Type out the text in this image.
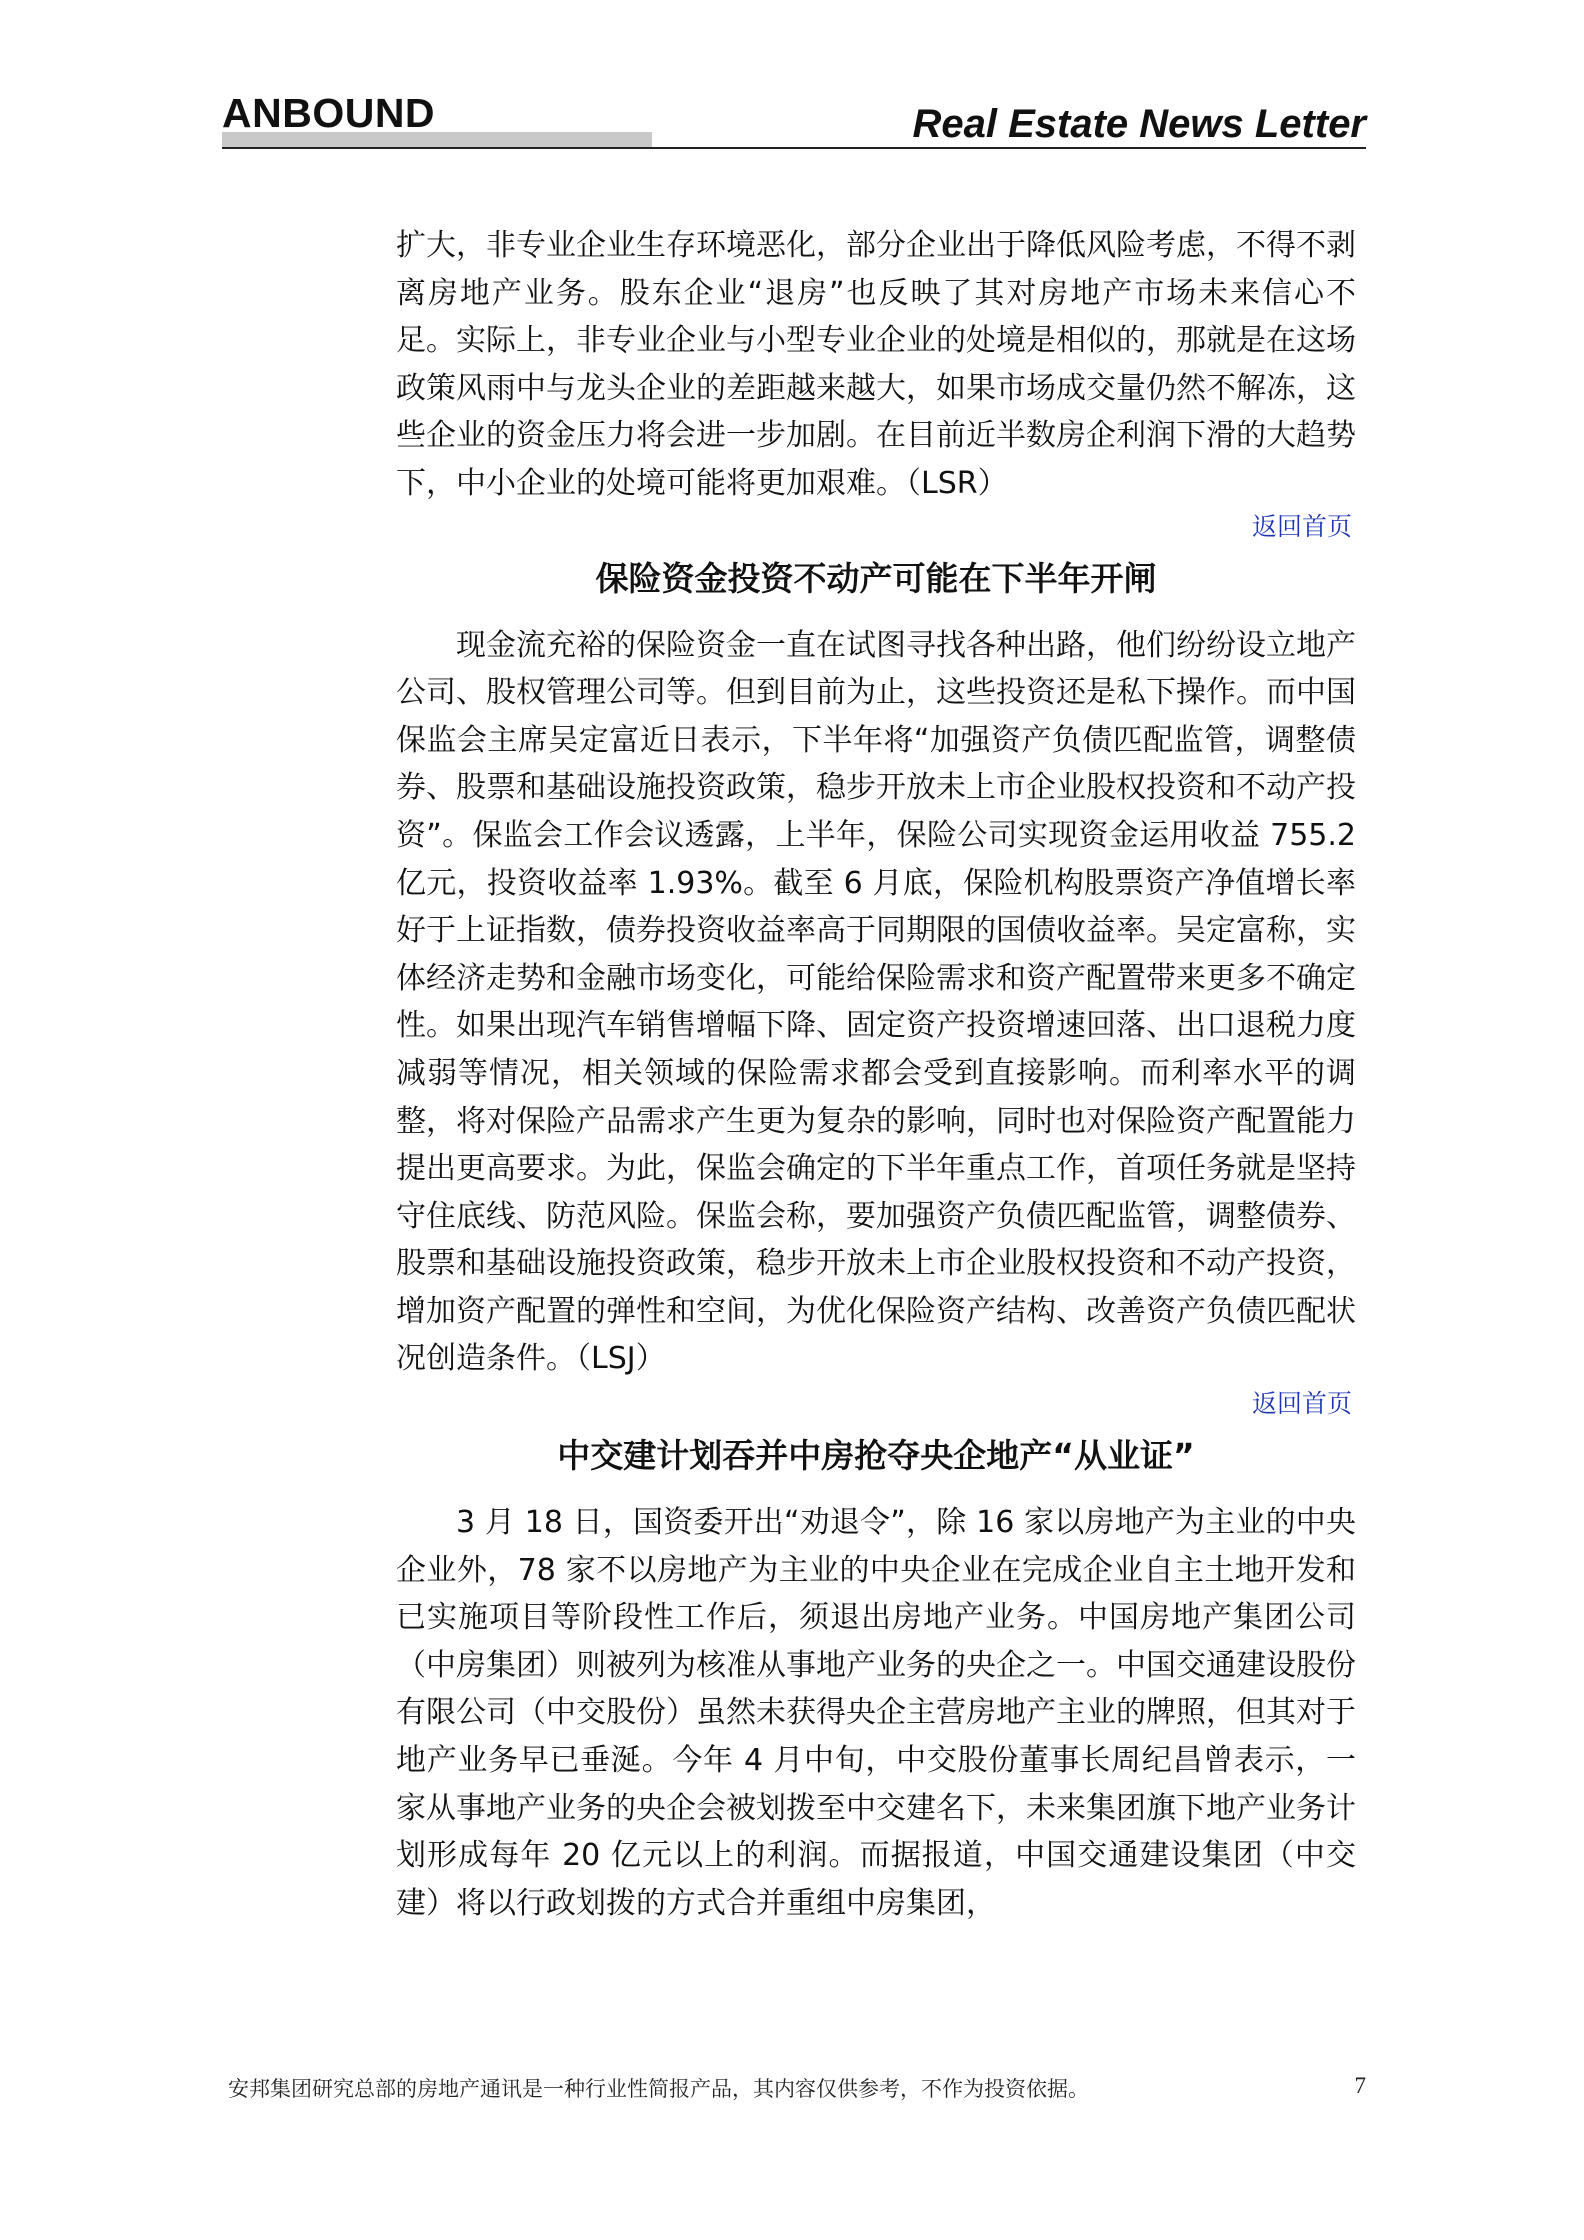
ANBOUND	Real Estate News Letter

扩大，非专业企业生存环境恶化，部分企业出于降低风险考虑，不得不剥离房地产业务。股东企业“退房”也反映了其对房地产市场未来信心不足。实际上，非专业企业与小型专业企业的处境是相似的，那就是在这场政策风雨中与龙头企业的差距越来越大，如果市场成交量仍然不解冻，这些企业的资金压力将会进一步加剧。在目前近半数房企利润下滑的大趋势下，中小企业的处境可能将更加艰难。（LSR）

返回首页
保险资金投资不动产可能在下半年开闸

现金流充裕的保险资金一直在试图寻找各种出路，他们纷纷设立地产公司、股权管理公司等。但到目前为止，这些投资还是私下操作。而中国保监会主席吴定富近日表示，下半年将“加强资产负债匹配监管，调整债券、股票和基础设施投资政策，稳步开放未上市企业股权投资和不动产投资”。保监会工作会议透露，上半年，保险公司实现资金运用收益 755.2 亿元，投资收益率 1.93%。截至 6 月底，保险机构股票资产净值增长率好于上证指数，债券投资收益率高于同期限的国债收益率。吴定富称，实体经济走势和金融市场变化，可能给保险需求和资产配置带来更多不确定性。如果出现汽车销售增幅下降、固定资产投资增速回落、出口退税力度减弱等情况，相关领域的保险需求都会受到直接影响。而利率水平的调整，将对保险产品需求产生更为复杂的影响，同时也对保险资产配置能力提出更高要求。为此，保监会确定的下半年重点工作，首项任务就是坚持守住底线、防范风险。保监会称，要加强资产负债匹配监管，调整债券、股票和基础设施投资政策，稳步开放未上市企业股权投资和不动产投资，增加资产配置的弹性和空间，为优化保险资产结构、改善资产负债匹配状况创造条件。（LSJ）

返回首页
中交建计划吞并中房抢夺央企地产“从业证”

3 月 18 日，国资委开出“劝退令”，除 16 家以房地产为主业的中央企业外，78 家不以房地产为主业的中央企业在完成企业自主土地开发和已实施项目等阶段性工作后，须退出房地产业务。中国房地产集团公司（中房集团）则被列为核准从事地产业务的央企之一。中国交通建设股份有限公司（中交股份）虽然未获得央企主营房地产主业的牌照，但其对于地产业务早已垂涎。今年 4 月中旬，中交股份董事长周纪昌曾表示，一家从事地产业务的央企会被划拨至中交建名下，未来集团旗下地产业务计划形成每年 20 亿元以上的利润。而据报道，中国交通建设集团（中交建）将以行政划拨的方式合并重组中房集团，

安邦集团研究总部的房地产通讯是一种行业性简报产品，其内容仅供参考，不作为投资依据。	7
